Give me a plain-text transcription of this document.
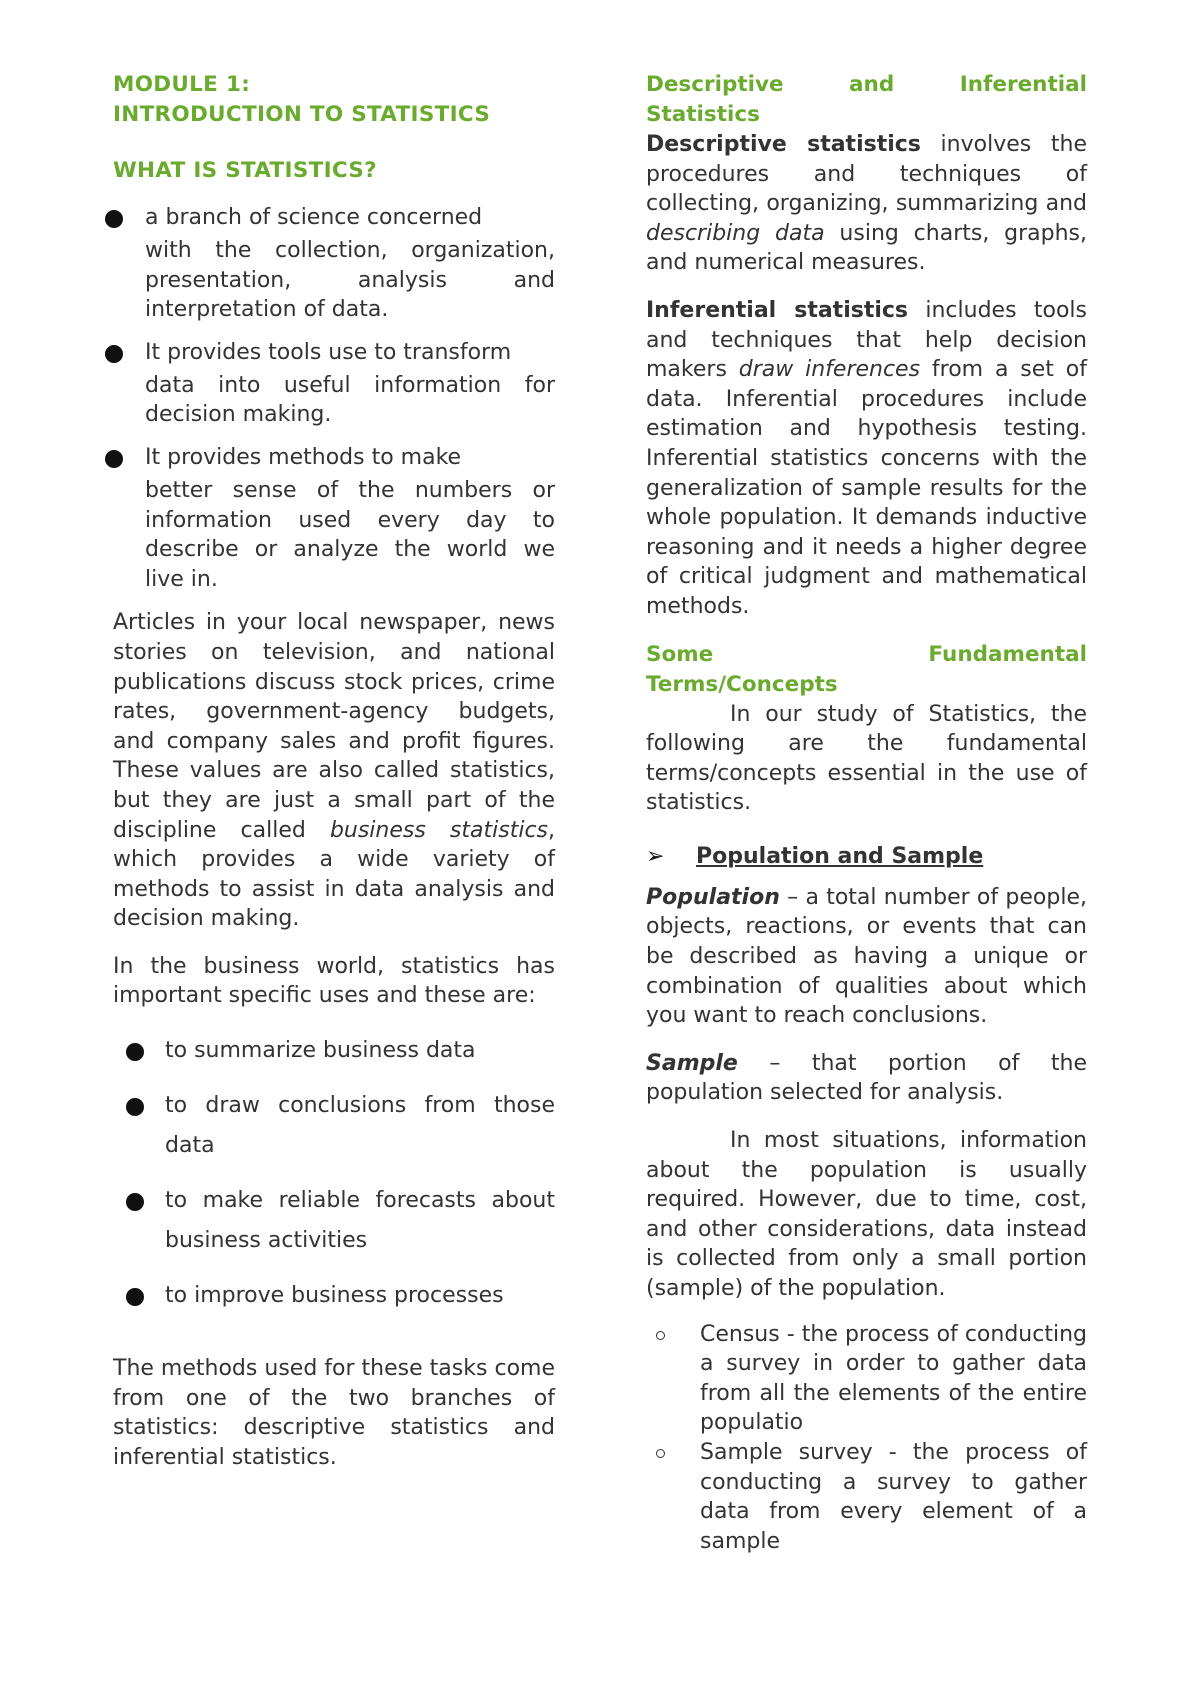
MODULE 1:
INTRODUCTION TO STATISTICS
WHAT IS STATISTICS?
a branch of science concerned
with the collection, organization, presentation, analysis and interpretation of data.
It provides tools use to transform
data into useful information for decision making.
It provides methods to make
better sense of the numbers or information used every day to describe or analyze the world we live in.

Articles in your local newspaper, news stories on television, and national publications discuss stock prices, crime rates, government-agency budgets, and company sales and profit figures. These values are also called statistics, but they are just a small part of the discipline called business statistics, which provides a wide variety of methods to assist in data analysis and decision making.

In the business world, statistics has important specific uses and these are:

to summarize business data
to draw conclusions from those data
to make reliable forecasts about business activities
to improve business processes

The methods used for these tasks come from one of the two branches of statistics: descriptive statistics and inferential statistics.

Descriptive	and	Inferential
Statistics

Descriptive statistics involves the procedures and techniques of collecting, organizing, summarizing and describing data using charts, graphs, and numerical measures.

Inferential statistics includes tools and techniques that help decision makers draw inferences from a set of data. Inferential procedures include estimation and hypothesis testing. Inferential statistics concerns with the generalization of sample results for the whole population. It demands inductive reasoning and it needs a higher degree of critical judgment and mathematical methods.

Some	Fundamental
Terms/Concepts

In our study of Statistics, the following are the fundamental terms/concepts essential in the use of statistics.

➢	Population and Sample

Population – a total number of people, objects, reactions, or events that can be described as having a unique or combination of qualities about which you want to reach conclusions.

Sample – that portion of the population selected for analysis.

In most situations, information about the population is usually required. However, due to time, cost, and other considerations, data instead is collected from only a small portion (sample) of the population.

Census - the process of conducting a survey in order to gather data from all the elements of the entire populatio
Sample survey - the process of conducting a survey to gather data from every element of a sample
